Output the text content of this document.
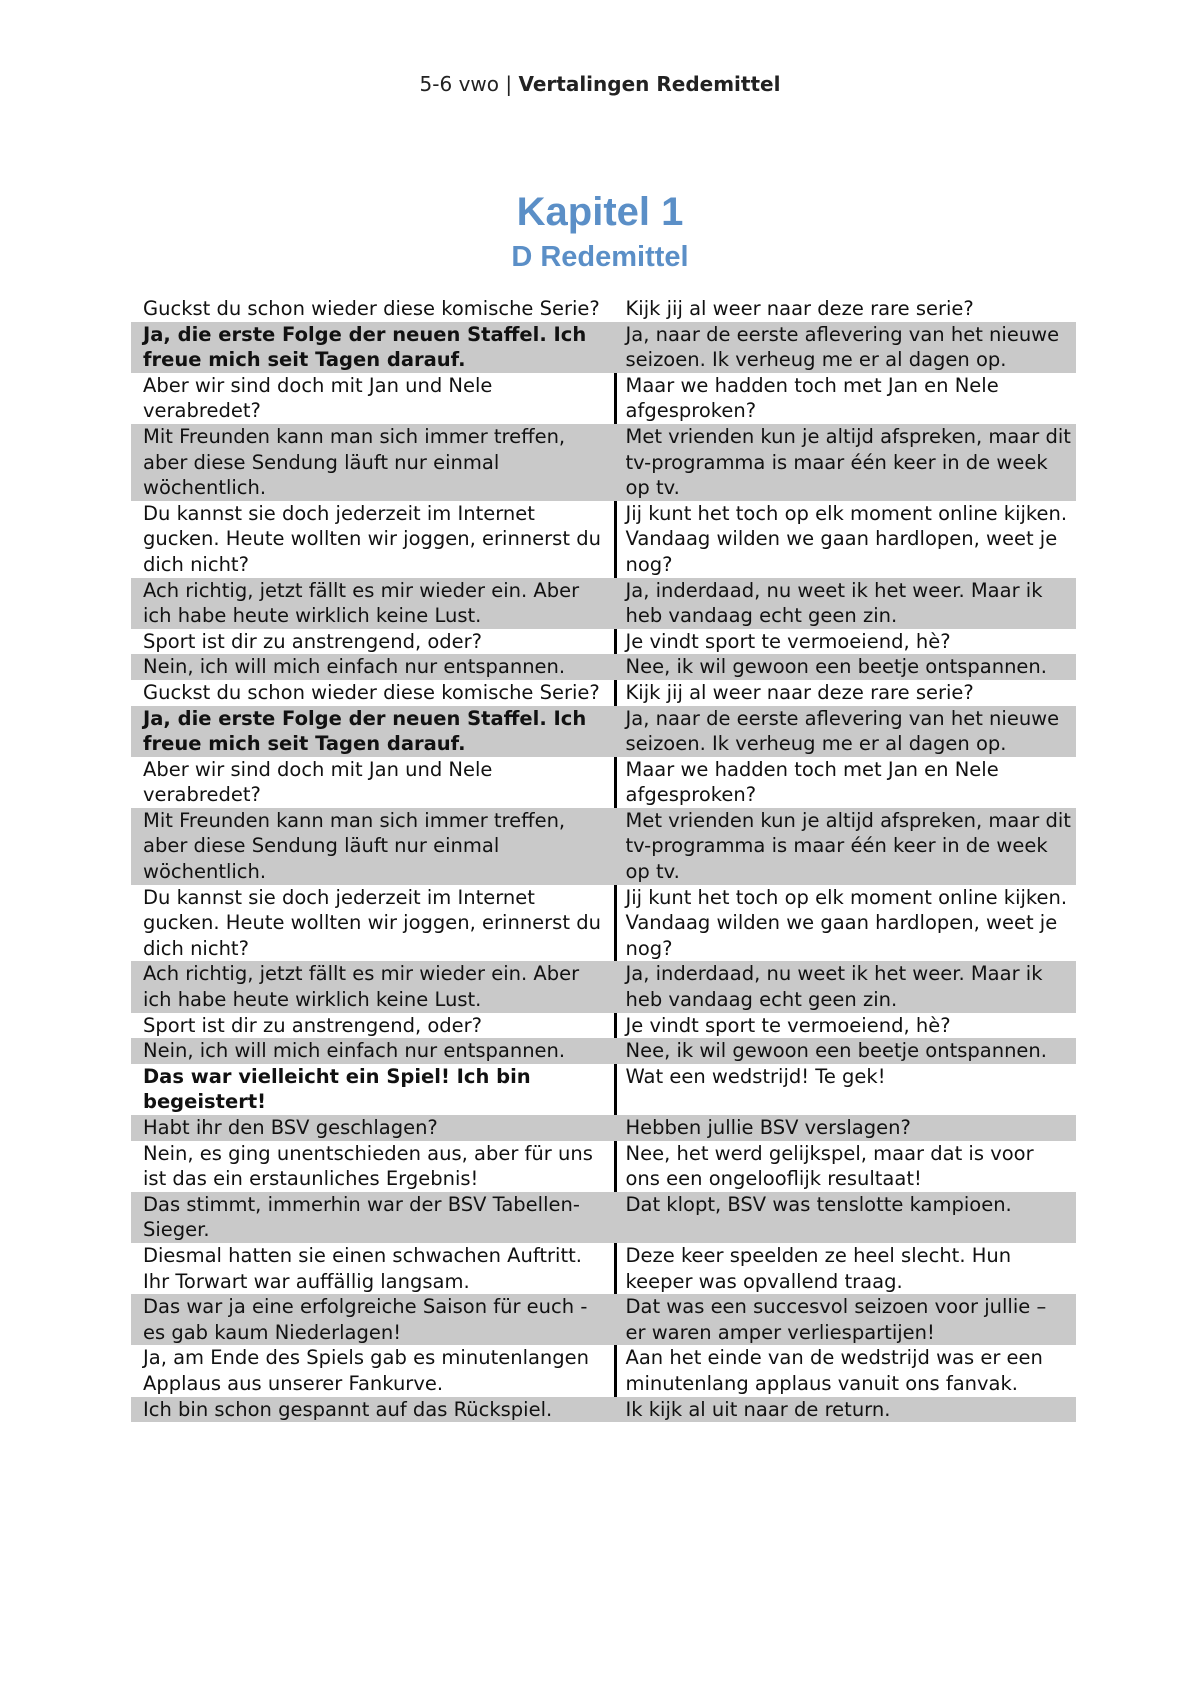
5-6 vwo | Vertalingen Redemittel
Kapitel 1
D Redemittel
Guckst du schon wieder diese komische Serie?	Kijk jij al weer naar deze rare serie?
Ja, die erste Folge der neuen Staffel. Ich freue mich seit Tagen darauf.	Ja, naar de eerste aflevering van het nieuwe seizoen. Ik verheug me er al dagen op.
Aber wir sind doch mit Jan und Nele verabredet?	Maar we hadden toch met Jan en Nele afgesproken?
Mit Freunden kann man sich immer treffen, aber diese Sendung läuft nur einmal wöchentlich.	Met vrienden kun je altijd afspreken, maar dit tv-programma is maar één keer in de week op tv.
Du kannst sie doch jederzeit im Internet gucken. Heute wollten wir joggen, erinnerst du dich nicht?	Jij kunt het toch op elk moment online kijken. Vandaag wilden we gaan hardlopen, weet je nog?
Ach richtig, jetzt fällt es mir wieder ein. Aber ich habe heute wirklich keine Lust.	Ja, inderdaad, nu weet ik het weer. Maar ik heb vandaag echt geen zin.
Sport ist dir zu anstrengend, oder?	Je vindt sport te vermoeiend, hè?
Nein, ich will mich einfach nur entspannen.	Nee, ik wil gewoon een beetje ontspannen.
Guckst du schon wieder diese komische Serie?	Kijk jij al weer naar deze rare serie?
Ja, die erste Folge der neuen Staffel. Ich freue mich seit Tagen darauf.	Ja, naar de eerste aflevering van het nieuwe seizoen. Ik verheug me er al dagen op.
Aber wir sind doch mit Jan und Nele verabredet?	Maar we hadden toch met Jan en Nele afgesproken?
Mit Freunden kann man sich immer treffen, aber diese Sendung läuft nur einmal wöchentlich.	Met vrienden kun je altijd afspreken, maar dit tv-programma is maar één keer in de week op tv.
Du kannst sie doch jederzeit im Internet gucken. Heute wollten wir joggen, erinnerst du dich nicht?	Jij kunt het toch op elk moment online kijken. Vandaag wilden we gaan hardlopen, weet je nog?
Ach richtig, jetzt fällt es mir wieder ein. Aber ich habe heute wirklich keine Lust.	Ja, inderdaad, nu weet ik het weer. Maar ik heb vandaag echt geen zin.
Sport ist dir zu anstrengend, oder?	Je vindt sport te vermoeiend, hè?
Nein, ich will mich einfach nur entspannen.	Nee, ik wil gewoon een beetje ontspannen.
Das war vielleicht ein Spiel! Ich bin begeistert!	Wat een wedstrijd! Te gek!
Habt ihr den BSV geschlagen?	Hebben jullie BSV verslagen?
Nein, es ging unentschieden aus, aber für uns ist das ein erstaunliches Ergebnis!	Nee, het werd gelijkspel, maar dat is voor ons een ongelooflijk resultaat!
Das stimmt, immerhin war der BSV Tabellen-Sieger.	Dat klopt, BSV was tenslotte kampioen.
Diesmal hatten sie einen schwachen Auftritt. Ihr Torwart war auffällig langsam.	Deze keer speelden ze heel slecht. Hun keeper was opvallend traag.
Das war ja eine erfolgreiche Saison für euch - es gab kaum Niederlagen!	Dat was een succesvol seizoen voor jullie – er waren amper verliespartijen!
Ja, am Ende des Spiels gab es minutenlangen Applaus aus unserer Fankurve.	Aan het einde van de wedstrijd was er een minutenlang applaus vanuit ons fanvak.
Ich bin schon gespannt auf das Rückspiel.	Ik kijk al uit naar de return.
